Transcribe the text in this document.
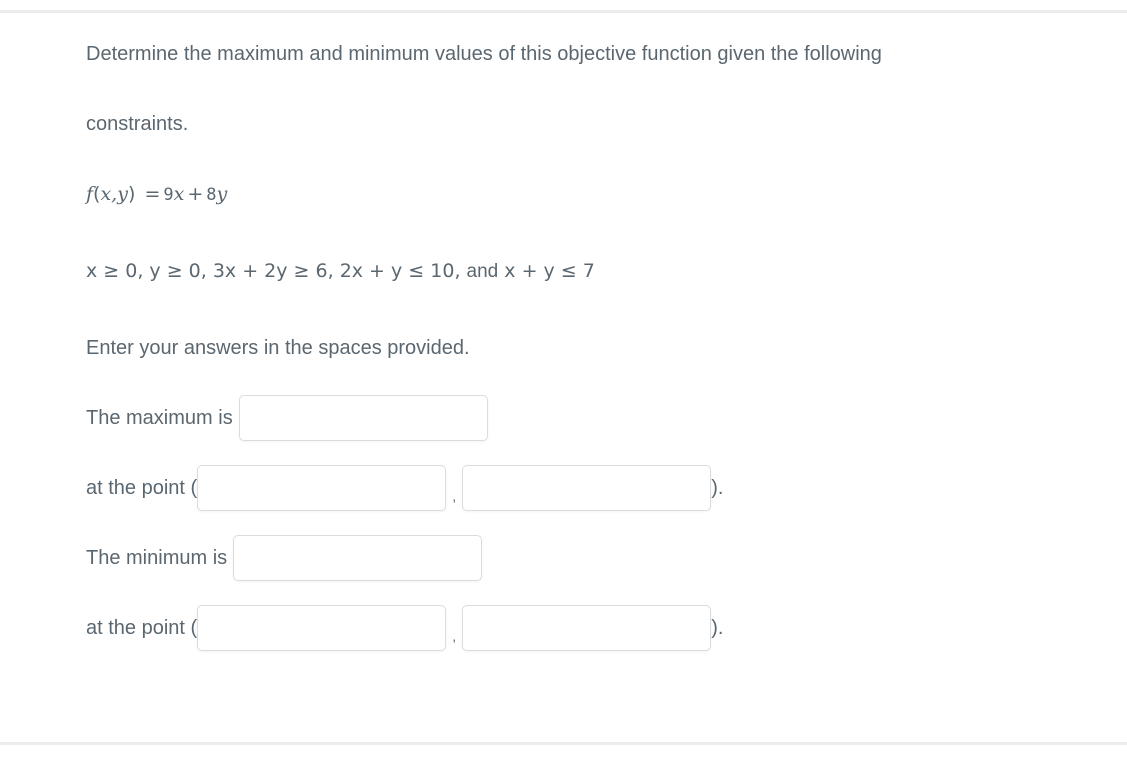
Determine the maximum and minimum values of this objective function given the following
constraints.
f(x,y) = 9x + 8y
x ≥ 0, y ≥ 0, 3x + 2y ≥ 6, 2x + y ≤ 10, and x + y ≤ 7
Enter your answers in the spaces provided.
The maximum is
at the point (	,	).
The minimum is
at the point (	,	).
